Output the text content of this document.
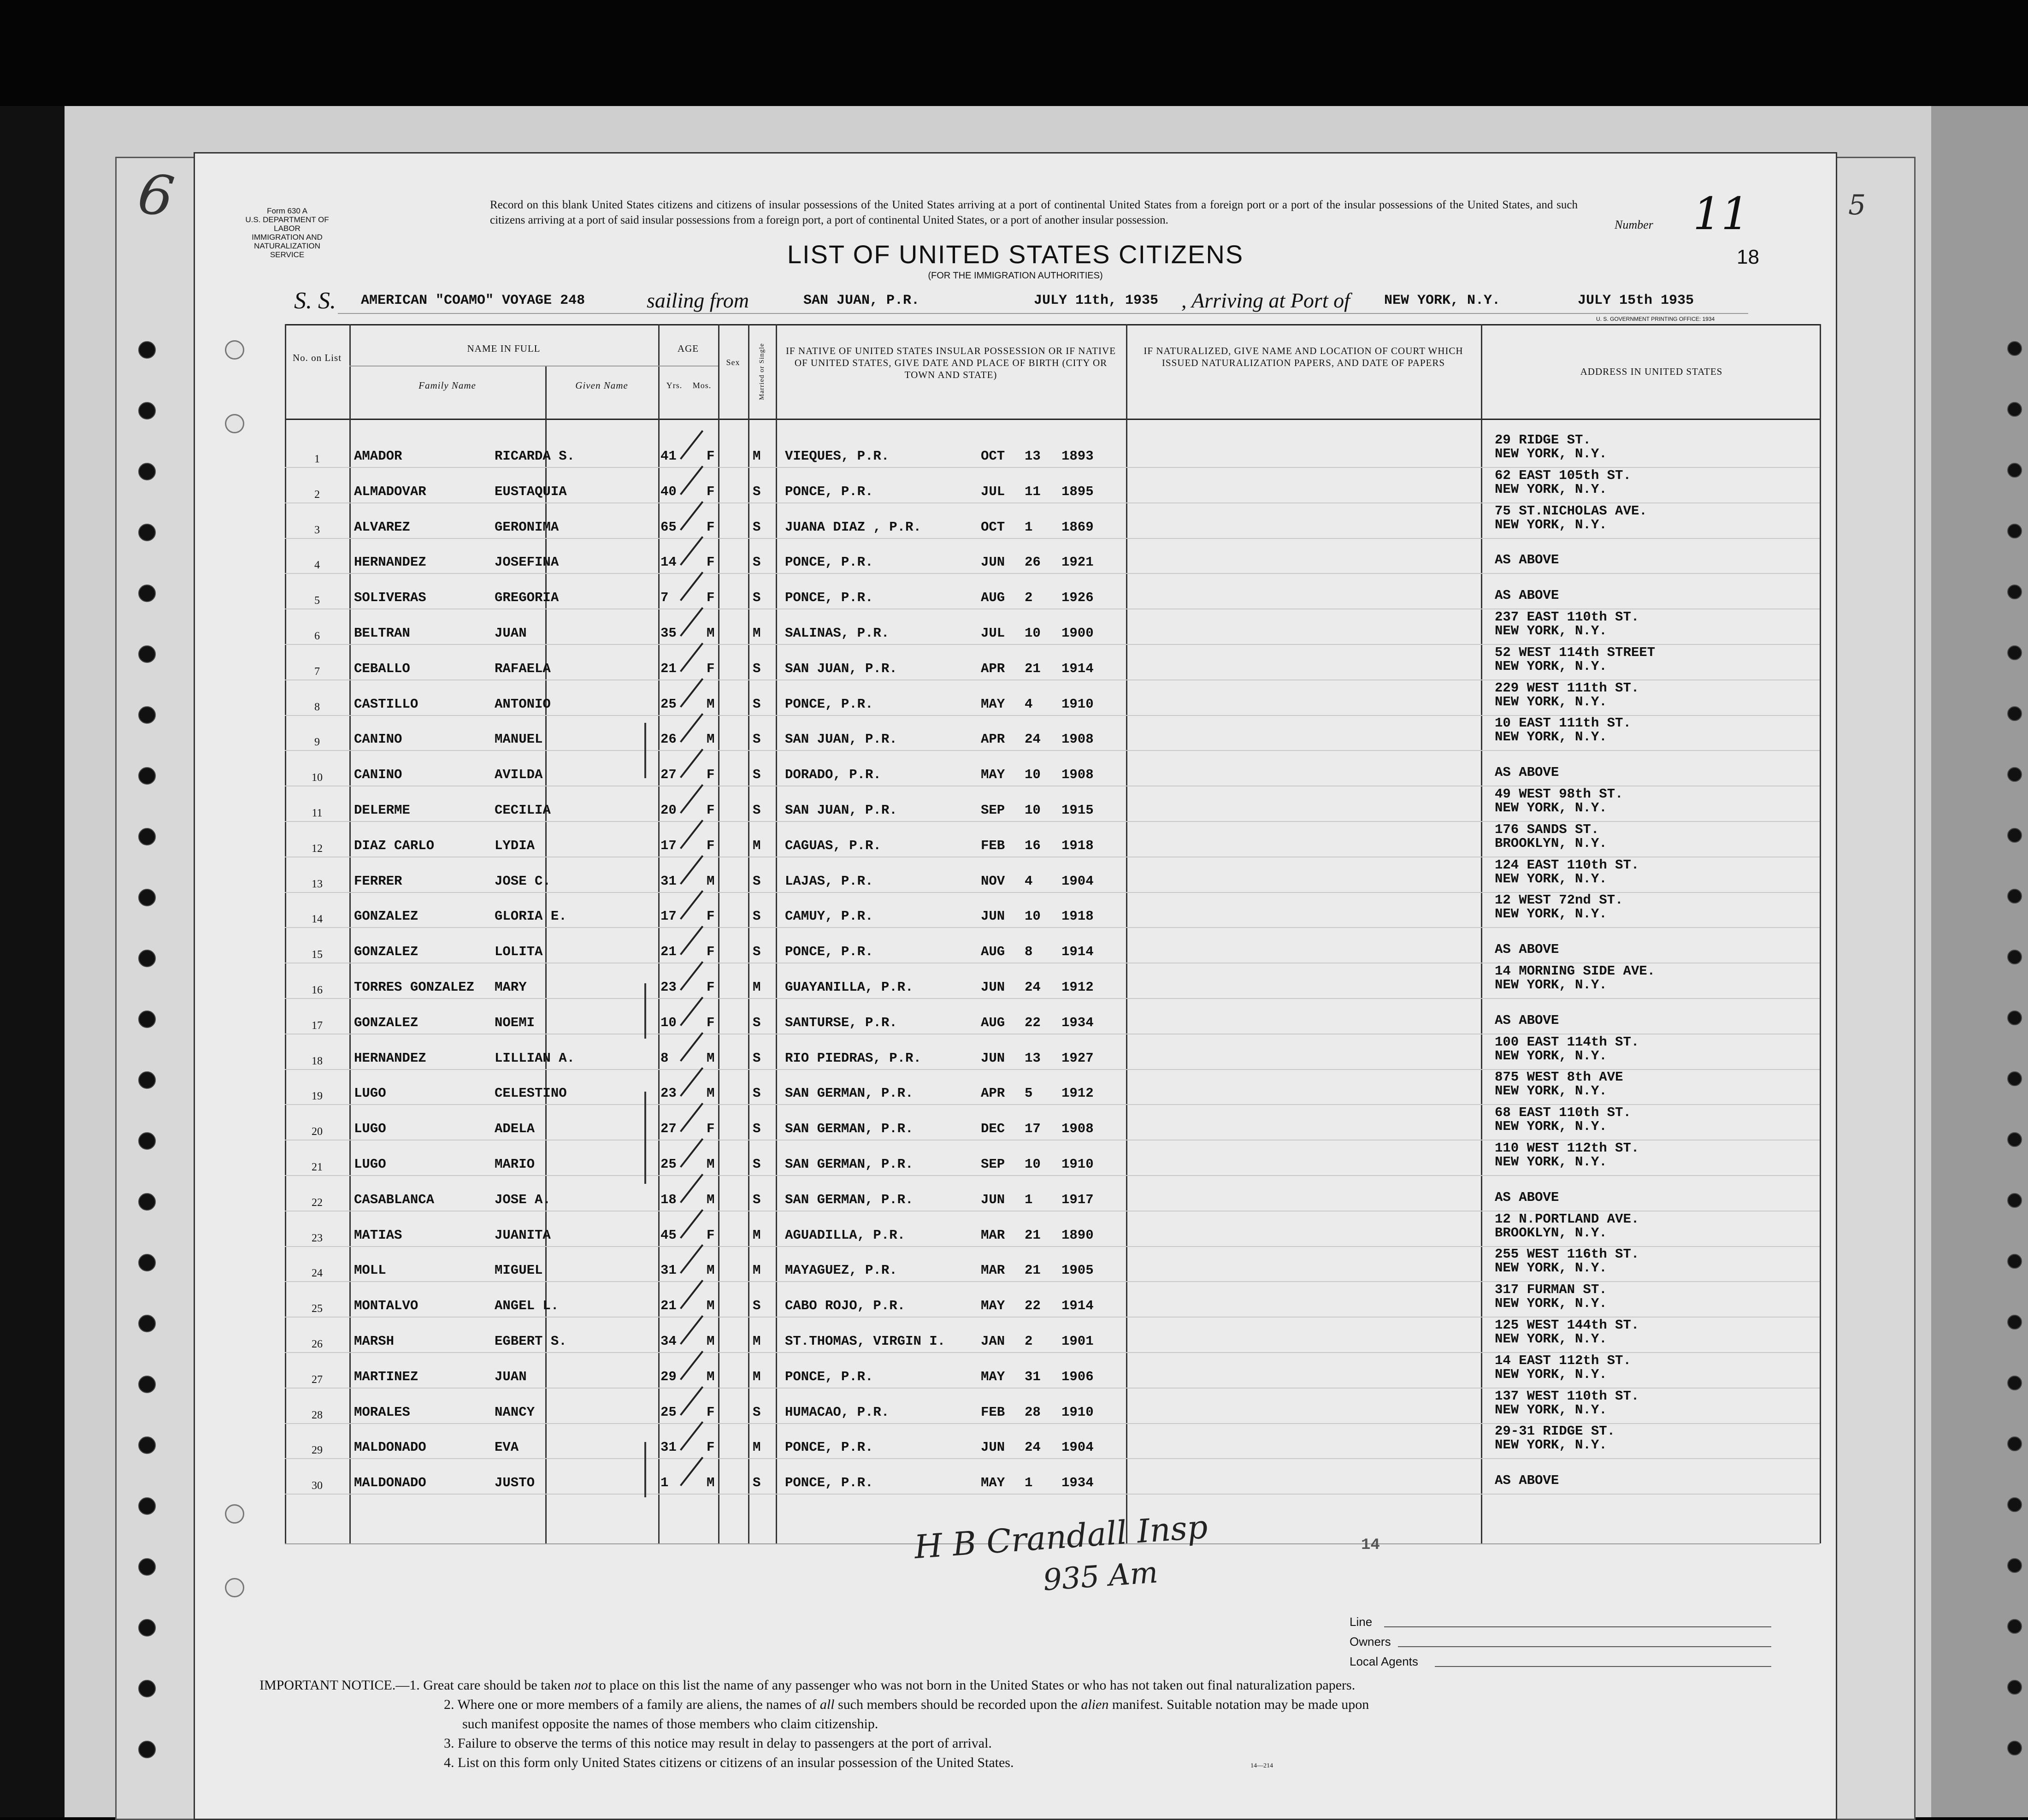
Form 630 A
U.S. DEPARTMENT OF LABOR
IMMIGRATION AND
NATURALIZATION SERVICE
Record on this blank United States citizens and citizens of insular possessions of the United States arriving at a port of continental United States from a foreign port or a port of the insular possessions of the United States, and such citizens arriving at a port of said insular possessions from a foreign port, a port of continental United States, or a port of another insular possession.	Number 11
18
LIST OF UNITED STATES CITIZENS
(FOR THE IMMIGRATION AUTHORITIES)
S. S. AMERICAN "COAMO" VOYAGE 248	sailing from	SAN JUAN, P.R.	JULY 11th, 1935 , Arriving at Port of NEW YORK, N.Y.	JULY 15th 1935
U. S. GOVERNMENT PRINTING OFFICE: 1934
No. on List
NAME IN FULL
Family Name	Given Name
AGE
Yrs.	Mos.
Sex	Married or Single	IF NATIVE OF UNITED STATES INSULAR POSSESSION OR IF NATIVE OF UNITED STATES, GIVE DATE AND PLACE OF BIRTH (CITY OR TOWN AND STATE)
IF NATURALIZED, GIVE NAME AND LOCATION OF COURT WHICH ISSUED NATURALIZATION PAPERS, AND DATE OF PAPERS
ADDRESS IN UNITED STATES
1	AMADOR	RICARDA S.	41 F	M VIEQUES, P.R.	OCT 13 1893
29 RIDGE ST.
NEW YORK, N.Y.
2	ALMADOVAR	EUSTAQUIA	40 F	S PONCE, P.R.	JUL 11 1895
62 EAST 105th ST.
NEW YORK, N.Y.
3	ALVAREZ	GERONIMA	65 F	S JUANA DIAZ , P.R.	OCT 1 1869
75 ST.NICHOLAS AVE.
NEW YORK, N.Y.
4	HERNANDEZ	JOSEFINA	14 F	S PONCE, P.R.	JUN 26 1921	AS ABOVE
5	SOLIVERAS	GREGORIA	7	F	S PONCE, P.R.	AUG 2 1926	AS ABOVE
6	BELTRAN	JUAN	35 M	M SALINAS, P.R.	JUL 10 1900
237 EAST 110th ST.
NEW YORK, N.Y.
7	CEBALLO	RAFAELA	21 F	S SAN JUAN, P.R.	APR 21 1914
52 WEST 114th STREET
NEW YORK, N.Y.
8	CASTILLO	ANTONIO	25 M	S PONCE, P.R.	MAY 4 1910
229 WEST 111th ST.
NEW YORK, N.Y.
9	CANINO	MANUEL	26 M	S SAN JUAN, P.R.	APR 24 1908
10 EAST 111th ST.
NEW YORK, N.Y.
10	CANINO	AVILDA	27 F	S DORADO, P.R.	MAY 10 1908	AS ABOVE
11	DELERME	CECILIA	20 F	S SAN JUAN, P.R.	SEP 10 1915
49 WEST 98th ST.
NEW YORK, N.Y.
12	DIAZ CARLO	LYDIA	17 F	M CAGUAS, P.R.	FEB 16 1918
176 SANDS ST.
BROOKLYN, N.Y.
13	FERRER	JOSE C.	31 M	S LAJAS, P.R.	NOV 4 1904
124 EAST 110th ST.
NEW YORK, N.Y.
14	GONZALEZ	GLORIA E.	17 F	S CAMUY, P.R.	JUN 10 1918
12 WEST 72nd ST.
NEW YORK, N.Y.
15	GONZALEZ	LOLITA	21 F	S PONCE, P.R.	AUG 8 1914	AS ABOVE
16	TORRES GONZALEZ MARY	23 F	M GUAYANILLA, P.R.	JUN 24 1912
14 MORNING SIDE AVE.
NEW YORK, N.Y.
17	GONZALEZ	NOEMI	10 F	S SANTURSE, P.R.	AUG 22 1934	AS ABOVE
18	HERNANDEZ	LILLIAN A.	8	M	S RIO PIEDRAS, P.R.	JUN 13 1927
100 EAST 114th ST.
NEW YORK, N.Y.
19	LUGO	CELESTINO	23 M	S SAN GERMAN, P.R.	APR 5 1912
875 WEST 8th AVE
NEW YORK, N.Y.
20	LUGO	ADELA	27 F	S SAN GERMAN, P.R.	DEC 17 1908
68 EAST 110th ST.
NEW YORK, N.Y.
21	LUGO	MARIO	25 M	S SAN GERMAN, P.R.	SEP 10 1910
110 WEST 112th ST.
NEW YORK, N.Y.
22	CASABLANCA	JOSE A.	18 M	S SAN GERMAN, P.R.	JUN 1 1917	AS ABOVE
23	MATIAS	JUANITA	45 F	M AGUADILLA, P.R.	MAR 21 1890
12 N.PORTLAND AVE.
BROOKLYN, N.Y.
24	MOLL	MIGUEL	31 M	M MAYAGUEZ, P.R.	MAR 21 1905
255 WEST 116th ST.
NEW YORK, N.Y.
25	MONTALVO	ANGEL L.	21 M	S CABO ROJO, P.R.	MAY 22 1914
317 FURMAN ST.
NEW YORK, N.Y.
26	MARSH	EGBERT S.	34 M	M ST.THOMAS, VIRGIN I.	JAN 2 1901
125 WEST 144th ST.
NEW YORK, N.Y.
27	MARTINEZ	JUAN	29 M	M PONCE, P.R.	MAY 31 1906
14 EAST 112th ST.
NEW YORK, N.Y.
28	MORALES	NANCY	25 F	S HUMACAO, P.R.	FEB 28 1910
137 WEST 110th ST.
NEW YORK, N.Y.
29	MALDONADO	EVA	31 F	M PONCE, P.R.	JUN 24 1904
29-31 RIDGE ST.
NEW YORK, N.Y.
30	MALDONADO	JUSTO	1	M	S PONCE, P.R.	MAY 1 1934	AS ABOVE
H B Crandall Insp
935 Am
14
Line
Owners
Local Agents
IMPORTANT NOTICE.—1. Great care should be taken not to place on this list the name of any passenger who was not born in the United States or who has not taken out final naturalization papers.
2. Where one or more members of a family are aliens, the names of all such members should be recorded upon the alien manifest. Suitable notation may be made upon
such manifest opposite the names of those members who claim citizenship.
3. Failure to observe the terms of this notice may result in delay to passengers at the port of arrival.
4. List on this form only United States citizens or citizens of an insular possession of the United States.	14—214
6	5
